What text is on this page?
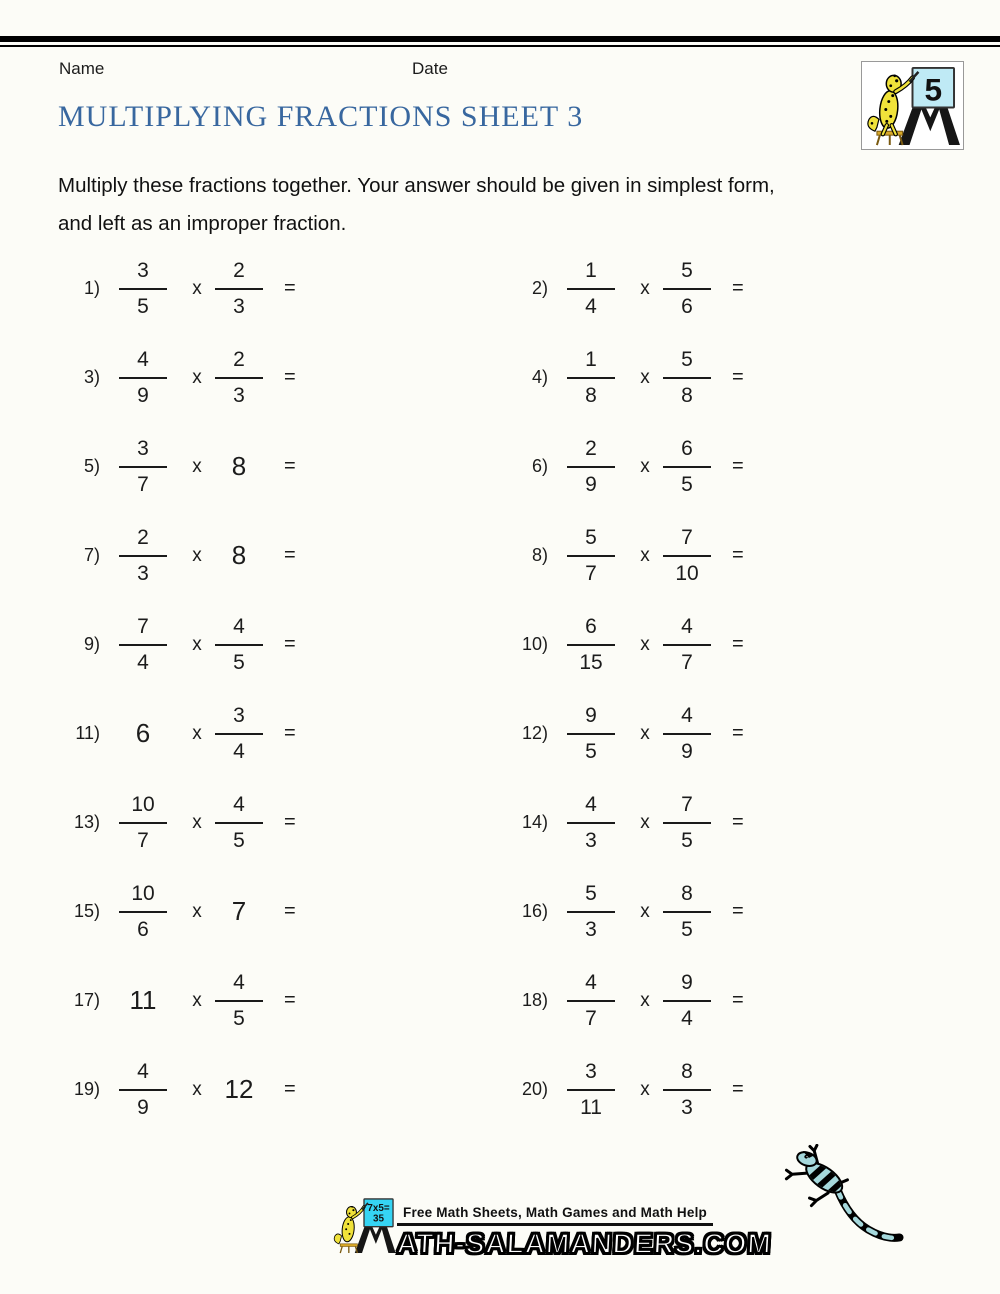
Name	Date
5
MULTIPLYING FRACTIONS SHEET 3
Multiply these fractions together. Your answer should be given in simplest form,
and left as an improper fraction.
$1) \frac{3}{5}$	x $\frac{2}{3}$	=
$3) \frac{4}{9}$	x $\frac{2}{3}$	=
$5) \frac{3}{7}$	x 8	=
$7) \frac{2}{3}$	x 8	=
$9) \frac{7}{4}$	x $\frac{4}{5}$	=
11) 6	x $\frac{3}{4}$	=
$13) \frac{10}{7}$	x $\frac{4}{5}$	=
$15) \frac{10}{6}$	x 7	=
17) 11	x $\frac{4}{5}$	=
$19) \frac{4}{9}$	x 12	=
$2) \frac{1}{4}$	x $\frac{5}{6}$	=
$4) \frac{1}{8}$	x $\frac{5}{8}$	=
$6) \frac{2}{9}$	x $\frac{6}{5}$	=
$8) \frac{5}{7}$	x $\frac{7}{10}$	=
$10) \frac{6}{15}$	x $\frac{4}{7}$	=
$12) \frac{9}{5}$	x $\frac{4}{9}$	=
$14) \frac{4}{3}$	x $\frac{7}{5}$	=
$16) \frac{5}{3}$	x $\frac{8}{5}$	=
$18) \frac{4}{7}$	x $\frac{9}{4}$	=
$20) \frac{3}{11}$	x $\frac{8}{3}$	=
7x5=
35	Free Math Sheets, Math Games and Math Help
ATH-SALAMANDERS.COM
